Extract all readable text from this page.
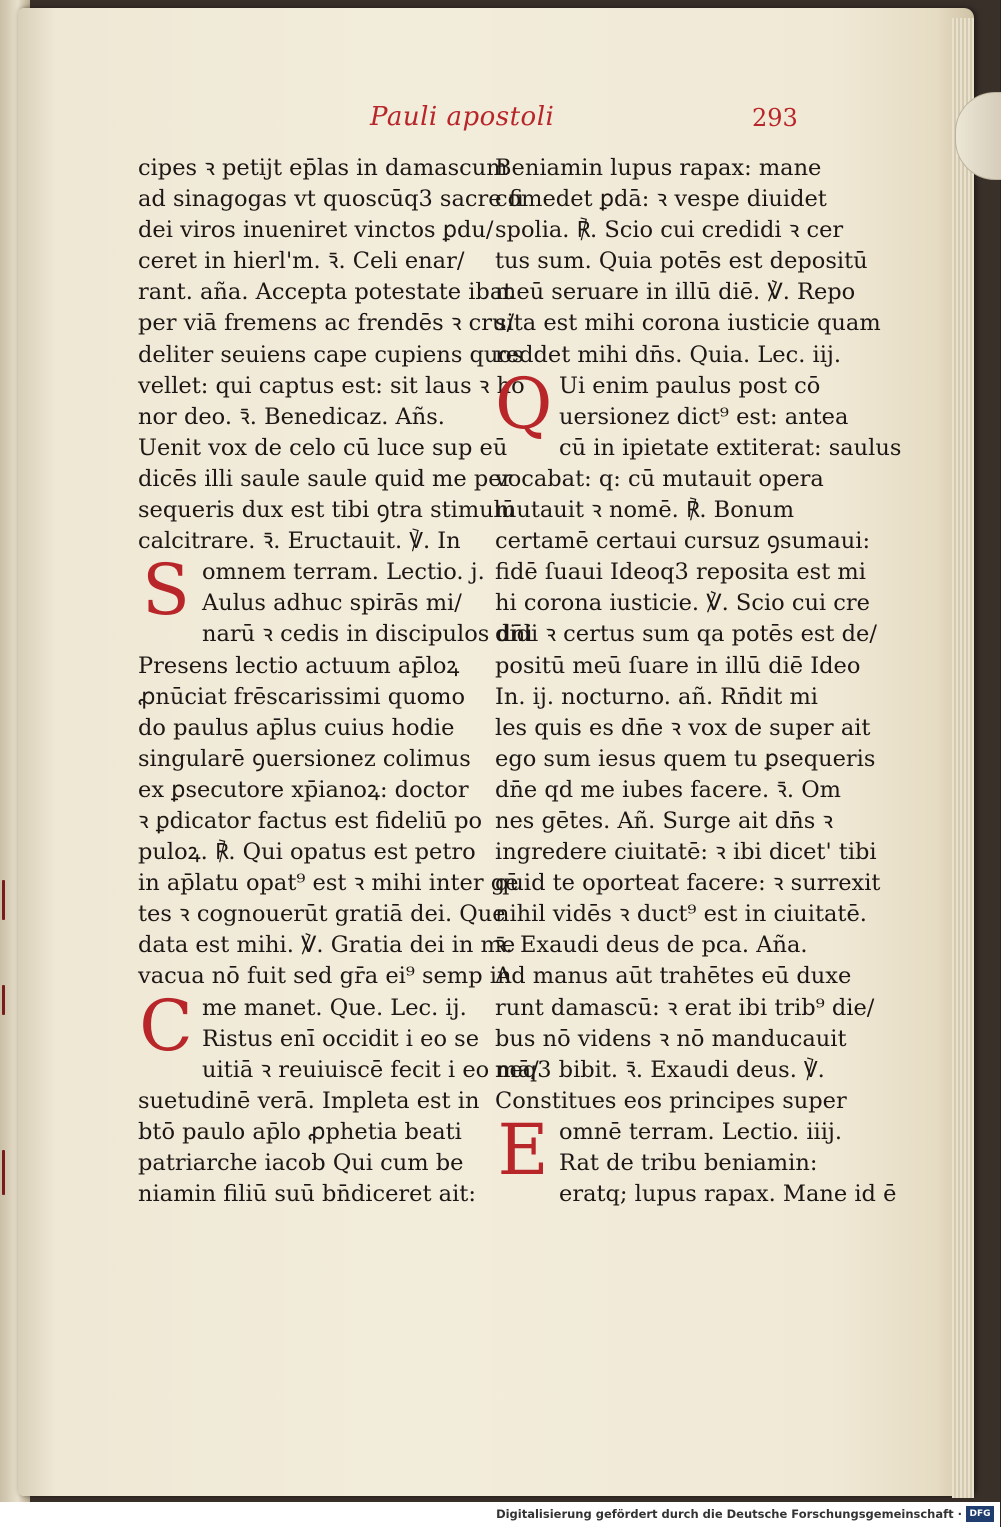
Pauli apostoli	293
cipes ꝛ petijt ep̄las in damascum
ad sinagogas vt quoscūq3 sacre fi
dei viros inueniret vinctos ꝑdu/
ceret in hierl'm. ꝛ̄. Celi enar/
rant. aña. Accepta potestate ibat
per viā fremens ac frendēs ꝛ cru/
deliter seuiens cape cupiens quos
vellet: qui captus est: sit laus ꝛ ho
nor deo. ꝛ̄. Benedicaz. Añs.
Uenit vox de celo cū luce sup eū
dicēs illi saule saule quid me per
sequeris dux est tibi ꝯtra stimulū
calcitrare. ꝛ̄. Eructauit. ℣. In
S omnem terram. Lectio. j.
Aulus adhuc spirās mi/
narū ꝛ cedis in discipulos dn̄i
Presens lectio actuum ap̄loꝝ
ꝓnūciat frēscarissimi quomo
do paulus ap̄lus cuius hodie
singularē ꝯuersionez colimus
ex ꝑsecutore xp̄ianoꝝ: doctor
ꝛ ꝑdicator factus est fideliū po
puloꝝ. ℟. Qui opatus est petro
in ap̄latu opat⁹ est ꝛ mihi inter gē
tes ꝛ cognouerūt gratiā dei. Que
data est mihi. ℣. Gratia dei in me
vacua nō fuit sed gr̄a ei⁹ semp in
C me manet. Que. Lec. ij.
Ristus enī occidit i eo se
uitiā ꝛ reuiuiscē fecit i eo mā/
suetudinē verā. Impleta est in
btō paulo ap̄lo ꝓphetia beati
patriarche iacob Qui cum be
niamin filiū suū bn̄diceret ait:
Beniamin lupus rapax: mane
comedet ꝑdā: ꝛ vespe diuidet
spolia. ℟. Scio cui credidi ꝛ cer
tus sum. Quia potēs est depositū
meū seruare in illū diē. ℣. Repo
sita est mihi corona iusticie quam
reddet mihi dn̄s. Quia. Lec. iij.
Q Ui enim paulus post cō
uersionez dict⁹ est: antea
cū in ipietate extiterat: saulus
vocabat: q: cū mutauit opera
mutauit ꝛ nomē. ℟. Bonum
certamē certaui cursuz ꝯsumaui:
fidē ſuaui Ideoq3 reposita est mi
hi corona iusticie. ℣. Scio cui cre
didi ꝛ certus sum qa potēs est de/
positū meū ſuare in illū diē Ideo
In. ij. nocturno. añ. Rn̄dit mi
les quis es dn̄e ꝛ vox de super ait
ego sum iesus quem tu ꝑsequeris
dn̄e qd me iubes facere. ꝛ̄. Om
nes gētes. Añ. Surge ait dn̄s ꝛ
ingredere ciuitatē: ꝛ ibi dicet' tibi
quid te oporteat facere: ꝛ surrexit
nihil vidēs ꝛ duct⁹ est in ciuitatē.
ꝛ̄. Exaudi deus de pca. Aña.
Ad manus aūt trahētes eū duxe
runt damascū: ꝛ erat ibi trib⁹ die/
bus nō videns ꝛ nō manducauit
neq3 bibit. ꝛ̄. Exaudi deus. ℣.
Constitues eos principes super
E omnē terram. Lectio. iiij.
Rat de tribu beniamin:
eratq; lupus rapax. Mane id ē
Digitalisierung gefördert durch die Deutsche Forschungsgemeinschaft · DFG
